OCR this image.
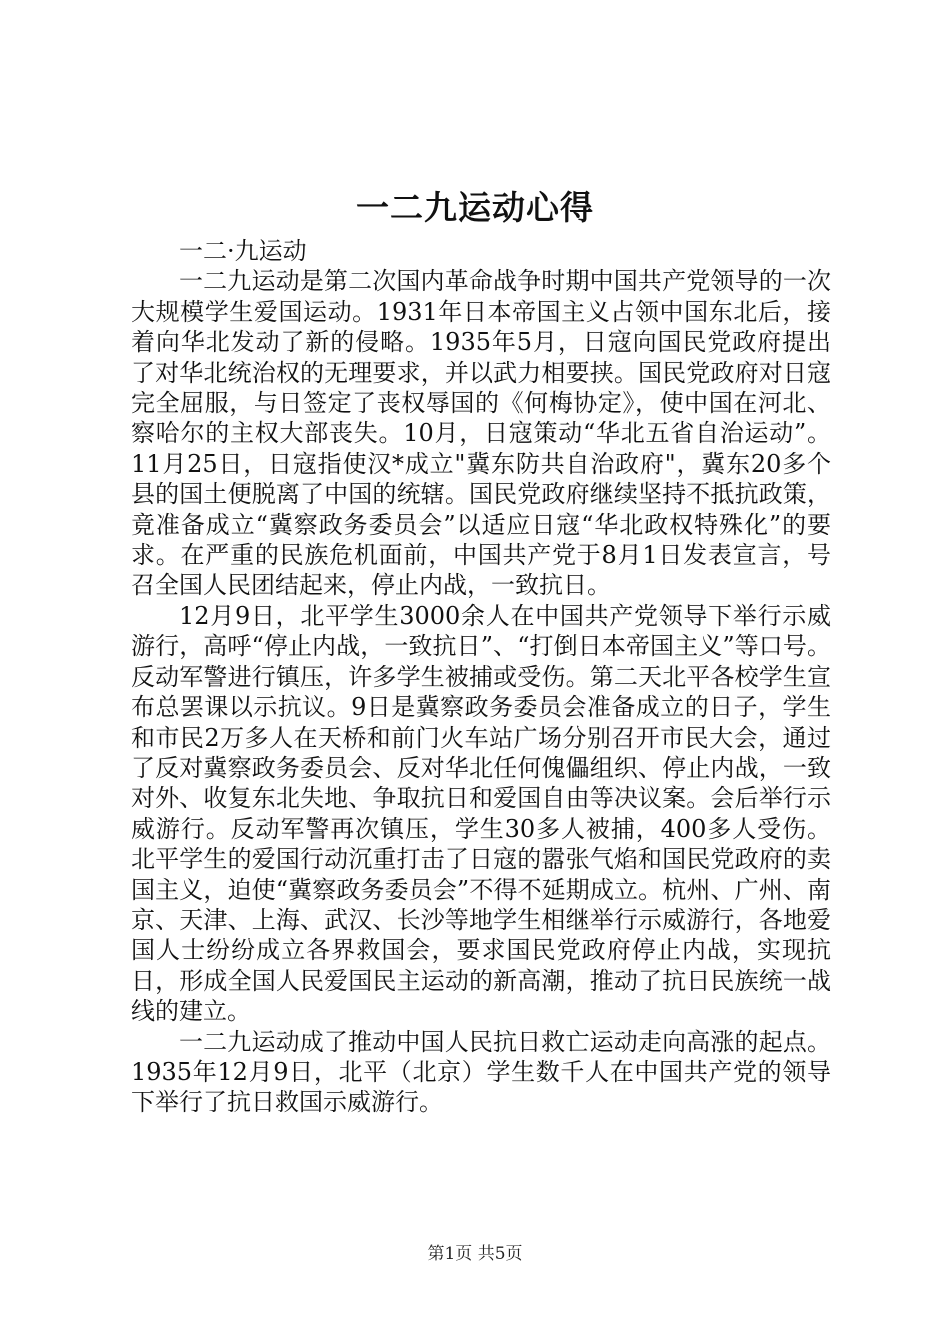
一二九运动心得

一二·九运动

一二九运动是第二次国内革命战争时期中国共产党领导的一次大规模学生爱国运动。1931年日本帝国主义占领中国东北后，接着向华北发动了新的侵略。1935年5月，日寇向国民党政府提出了对华北统治权的无理要求，并以武力相要挟。国民党政府对日寇完全屈服，与日签定了丧权辱国的《何梅协定》，使中国在河北、察哈尔的主权大部丧失。10月，日寇策动“华北五省自治运动”。11月25日，日寇指使汉*成立"冀东防共自治政府"，冀东20多个县的国土便脱离了中国的统辖。国民党政府继续坚持不抵抗政策，竟准备成立“冀察政务委员会”以适应日寇“华北政权特殊化”的要求。在严重的民族危机面前，中国共产党于8月1日发表宣言，号召全国人民团结起来，停止内战，一致抗日。

12月9日，北平学生3000余人在中国共产党领导下举行示威游行，高呼“停止内战，一致抗日”、“打倒日本帝国主义”等口号。反动军警进行镇压，许多学生被捕或受伤。第二天北平各校学生宣布总罢课以示抗议。9日是冀察政务委员会准备成立的日子，学生和市民2万多人在天桥和前门火车站广场分别召开市民大会，通过了反对冀察政务委员会、反对华北任何傀儡组织、停止内战，一致对外、收复东北失地、争取抗日和爱国自由等决议案。会后举行示威游行。反动军警再次镇压，学生30多人被捕，400多人受伤。北平学生的爱国行动沉重打击了日寇的嚣张气焰和国民党政府的卖国主义，迫使“冀察政务委员会”不得不延期成立。杭州、广州、南京、天津、上海、武汉、长沙等地学生相继举行示威游行，各地爱国人士纷纷成立各界救国会，要求国民党政府停止内战，实现抗日，形成全国人民爱国民主运动的新高潮，推动了抗日民族统一战线的建立。

一二九运动成了推动中国人民抗日救亡运动走向高涨的起点。1935年12月9日，北平（北京）学生数千人在中国共产党的领导下举行了抗日救国示威游行。

第1页 共5页
